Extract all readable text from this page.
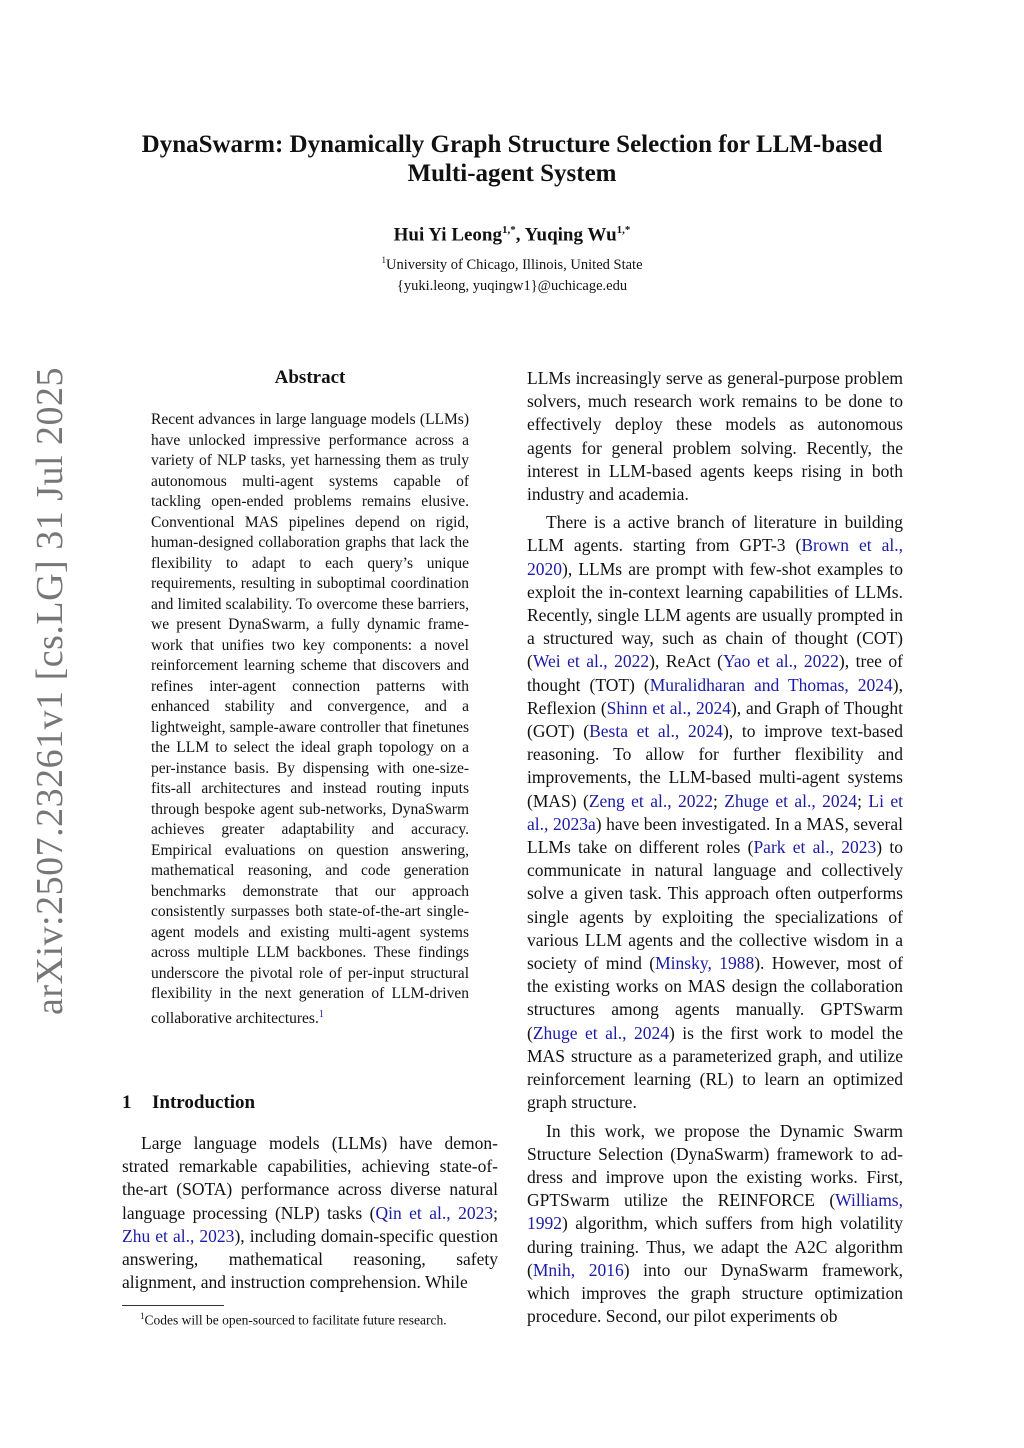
arXiv:2507.23261v1 [cs.LG] 31 Jul 2025
DynaSwarm: Dynamically Graph Structure Selection for LLM-based
Multi-agent System
Hui Yi Leong$^{1,*}$, Yuqing $Wu^{1,*}$
$^1$University of Chicago, Illinois, United State
{yuki.leong, yuqingw1}@uchicage.edu
Abstract
Recent advances in large language models (LLMs) have unlocked impressive performance across a variety of NLP tasks, yet harnessing them as truly autonomous multi-agent systems capable of tackling open-ended problems remains elusive. Conventional MAS pipelines depend on rigid, human-designed collaboration graphs that lack the flexibility to adapt to each query’s unique requirements, resulting in suboptimal coordination and limited scalability. To overcome these barriers, we present DynaSwarm, a fully dynamic framework that unifies two key components: a novel reinforcement learning scheme that discovers and refines inter-agent connection patterns with enhanced stability and convergence, and a lightweight, sample-aware controller that finetunes the LLM to select the ideal graph topology on a per-instance basis. By dispensing with one-size-fits-all architectures and instead routing inputs through bespoke agent sub-networks, DynaSwarm achieves greater adaptability and accuracy. Empirical evaluations on question answering, mathematical reasoning, and code generation benchmarks demonstrate that our approach consistently surpasses both state-of-the-art single-agent models and existing multi-agent systems across multiple LLM backbones. These findings underscore the pivotal role of per-input structural flexibility in the next generation of LLM-driven collaborative architectures.$^1$
1 Introduction

Large language models (LLMs) have demonstrated remarkable capabilities, achieving state-of-the-art (SOTA) performance across diverse natural language processing (NLP) tasks (Qin et al., 2023; Zhu et al., 2023), including domain-specific question answering, mathematical reasoning, safety alignment, and instruction comprehension. While

LLMs increasingly serve as general-purpose problem solvers, much research work remains to be done to effectively deploy these models as autonomous agents for general problem solving. Recently, the interest in LLM-based agents keeps rising in both industry and academia.

There is a active branch of literature in building LLM agents. starting from GPT-3 (Brown et al., 2020), LLMs are prompt with few-shot examples to exploit the in-context learning capabilities of LLMs. Recently, single LLM agents are usually prompted in a structured way, such as chain of thought (COT) (Wei et al., 2022), ReAct (Yao et al., 2022), tree of thought (TOT) (Muralidharan and Thomas, 2024), Reflexion (Shinn et al., 2024), and Graph of Thought (GOT) (Besta et al., 2024), to improve text-based reasoning. To allow for further flexibility and improvements, the LLM-based multi-agent systems (MAS) (Zeng et al., 2022; Zhuge et al., 2024; Li et al., 2023a) have been investigated. In a MAS, several LLMs take on different roles (Park et al., 2023) to communicate in natural language and collectively solve a given task. This approach often outperforms single agents by exploiting the specializations of various LLM agents and the collective wisdom in a society of mind (Minsky, 1988). However, most of the existing works on MAS design the collaboration structures among agents manually. GPTSwarm (Zhuge et al., 2024) is the first work to model the MAS structure as a parameterized graph, and utilize reinforcement learning (RL) to learn an optimized graph structure.

In this work, we propose the Dynamic Swarm Structure Selection (DynaSwarm) framework to address and improve upon the existing works. First, GPTSwarm utilize the REINFORCE (Williams, 1992) algorithm, which suffers from high volatility during training. Thus, we adapt the A2C algorithm (Mnih, 2016) into our DynaSwarm framework, which improves the graph structure optimization procedure. Second, our pilot experiments ob

$^1$Codes will be open-sourced to facilitate future research.
